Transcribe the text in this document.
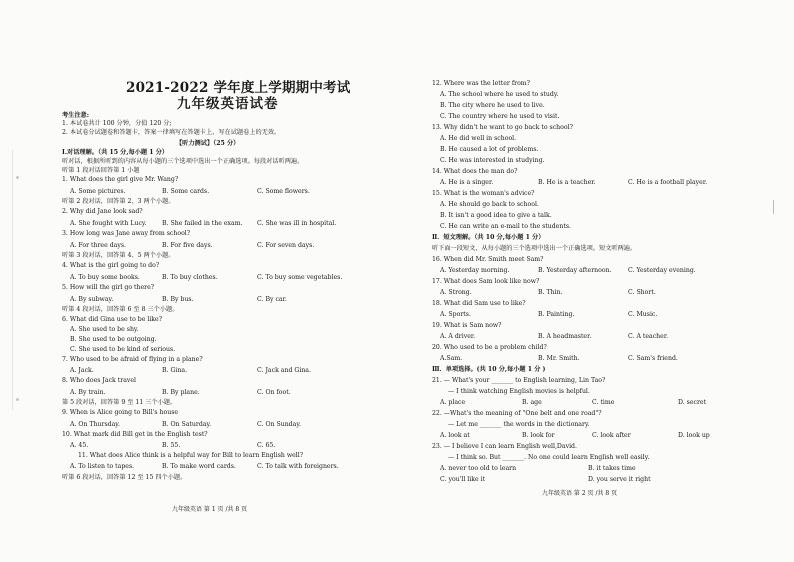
2021-2022 学年度上学期期中考试
九年级英语试卷
考生注意:
1. 本试卷共计 100 分钟，分值 120 分;
2. 本试卷分试题卷和答题卡，答案一律填写在答题卡上，写在试题卷上的无效。
【听力测试】（25 分）
Ⅰ.对话理解。（共 15 分,每小题 1 分）
听对话，根据所听到的内容从每小题的三个选项中选出一个正确选项。每段对话听两遍。
听第 1 段对话回答第 1 小题
1. What does the girl give Mr. Wang?
A. Some pictures.	B. Some cards.	C. Some flowers.
听第 2 段对话，回答第 2、3 两个小题。
2. Why did Jane look sad?
A. She fought with Lucy. B. She failed in the exam. C. She was ill in hospital.
3. How long was Jane away from school?
A. For three days.	B. For five days.	C. For seven days.
听第 3 段对话，回答第 4、5 两个小题。
4. What is the girl going to do?
A. To buy some books.	B. To buy clothes.	C. To buy some vegetables.
5. How will the girl go there?
A. By subway.	B. By bus.	C. By car.
听第 4 段对话，回答第 6 至 8 三个小题。
6. What did Gina use to be like?
A. She used to be shy.
B. She used to be outgoing.
C. She used to be kind of serious.
7. Who used to be afraid of flying in a plane?
A. Jack.	B. Gina.	C. Jack and Gina.
8. Who does Jack travel
A. By train.	B. By plane.	C. On foot.
第 5 段对话，回答第 9 至 11 三个小题。
9. When is Alice going to Bill's house
A. On Thursday.	B. On Saturday.	C. On Sunday.
10. What mark did Bill get in the English test?
A. 45.	B. 55.	C. 65.
11. What does Alice think is a helpful way for Bill to learn English well?
A. To listen to tapes.	B. To make word cards.	C. To talk with foreigners.
听第 6 段对话，回答第 12 至 15 四个小题。
九年级英语 第 1 页 /共 8 页
12. Where was the letter from?
A. The school where he used to study.
B. The city where he used to live.
C. The country where he used to visit.
13. Why didn't he want to go back to school?
A. He did well in school.
B. He caused a lot of problems.
C. He was interested in studying.
14. What does the man do?
A. He is a singer.	B. He is a teacher.	C. He is a football player.
15. What is the woman's advice?
A. He should go back to school.
B. It isn't a good idea to give a talk.
C. He can write an e-mail to the students.
Ⅱ．短文理解。（共 10 分,每小题 1 分）
听下面一段短文，从每小题的三个选项中选出一个正确选项。短文听两遍。
16. When did Mr. Smith meet Sam?
A. Yesterday morning.	B. Yesterday afternoon.	C. Yesterday evening.
17. What does Sam look like now?
A. Strong.	B. Thin.	C. Short.
18. What did Sam use to like?
A. Sports.	B. Painting.	C. Music.
19. What is Sam now?
A. A driver.	B. A headmaster.	C. A teacher.
20. Who used to be a problem child?
A.Sam.	B. Mr. Smith.	C. Sam's friend.
Ⅲ．单项选择。(共 10 分,每小题 1 分 )
21. — What's your _______ to English learning, Lin Tao?
— I think watching English movies is helpful.
A. place	B. age	C. time	D. secret
22. —What's the meaning of "One belt and one road"?
— Let me _______ the words in the dictionary.
A. look at	B. look for	C. look after	D. look up
23. — I believe I can learn English well,David.
— I think so. But _______. No one could learn English well easily.
A. never too old to learn	B. it takes time
C. you'll like it	D. you serve it right
九年级英语 第 2 页 /共 8 页
